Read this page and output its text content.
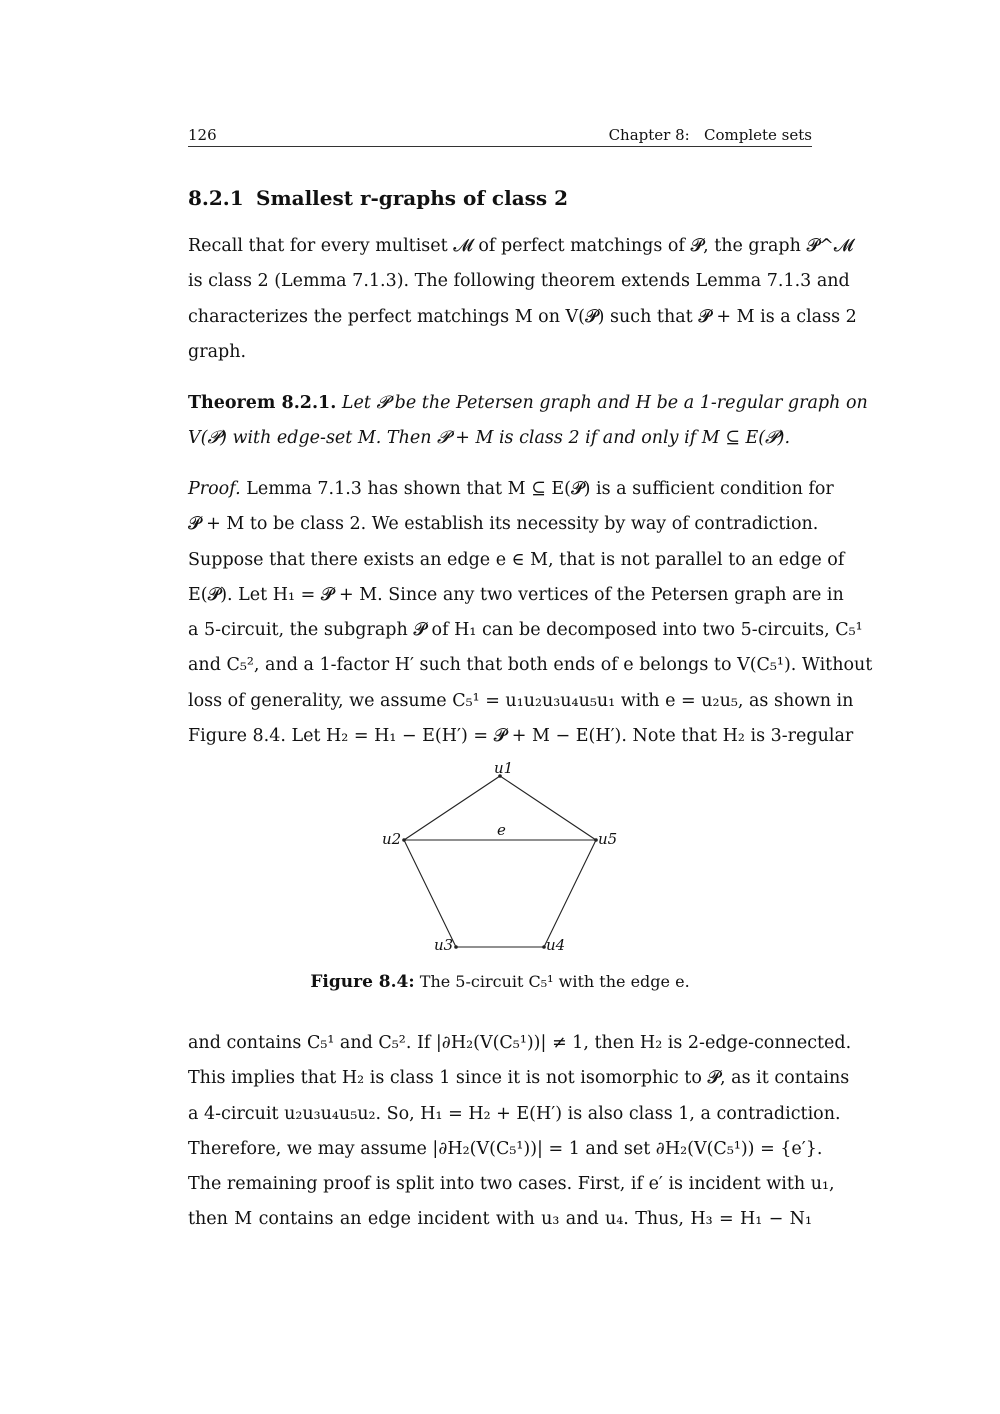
126	Chapter 8:   Complete sets
8.2.1 Smallest r-graphs of class 2
Recall that for every multiset 𝓜 of perfect matchings of 𝓟, the graph 𝓟^𝓜
is class 2 (Lemma 7.1.3). The following theorem extends Lemma 7.1.3 and
characterizes the perfect matchings M on V(𝓟) such that 𝓟 + M is a class 2
graph.
Theorem 8.2.1. Let 𝓟 be the Petersen graph and H be a 1-regular graph on
V(𝓟) with edge-set M. Then 𝓟 + M is class 2 if and only if M ⊆ E(𝓟).
Proof. Lemma 7.1.3 has shown that M ⊆ E(𝓟) is a sufficient condition for
𝓟 + M to be class 2. We establish its necessity by way of contradiction.
Suppose that there exists an edge e ∈ M, that is not parallel to an edge of
E(𝓟). Let H₁ = 𝓟 + M. Since any two vertices of the Petersen graph are in
a 5-circuit, the subgraph 𝓟 of H₁ can be decomposed into two 5-circuits, C₅¹
and C₅², and a 1-factor H′ such that both ends of e belongs to V(C₅¹). Without
loss of generality, we assume C₅¹ = u₁u₂u₃u₄u₅u₁ with e = u₂u₅, as shown in
Figure 8.4. Let H₂ = H₁ − E(H′) = 𝓟 + M − E(H′). Note that H₂ is 3-regular
u1
u2
u3	u4
u5
e
Figure 8.4: The 5-circuit C₅¹ with the edge e.
and contains C₅¹ and C₅². If |∂H₂(V(C₅¹))| ≠ 1, then H₂ is 2-edge-connected.
This implies that H₂ is class 1 since it is not isomorphic to 𝓟, as it contains
a 4-circuit u₂u₃u₄u₅u₂. So, H₁ = H₂ + E(H′) is also class 1, a contradiction.
Therefore, we may assume |∂H₂(V(C₅¹))| = 1 and set ∂H₂(V(C₅¹)) = {e′}.
The remaining proof is split into two cases. First, if e′ is incident with u₁,
then M contains an edge incident with u₃ and u₄. Thus, H₃ = H₁ − N₁
